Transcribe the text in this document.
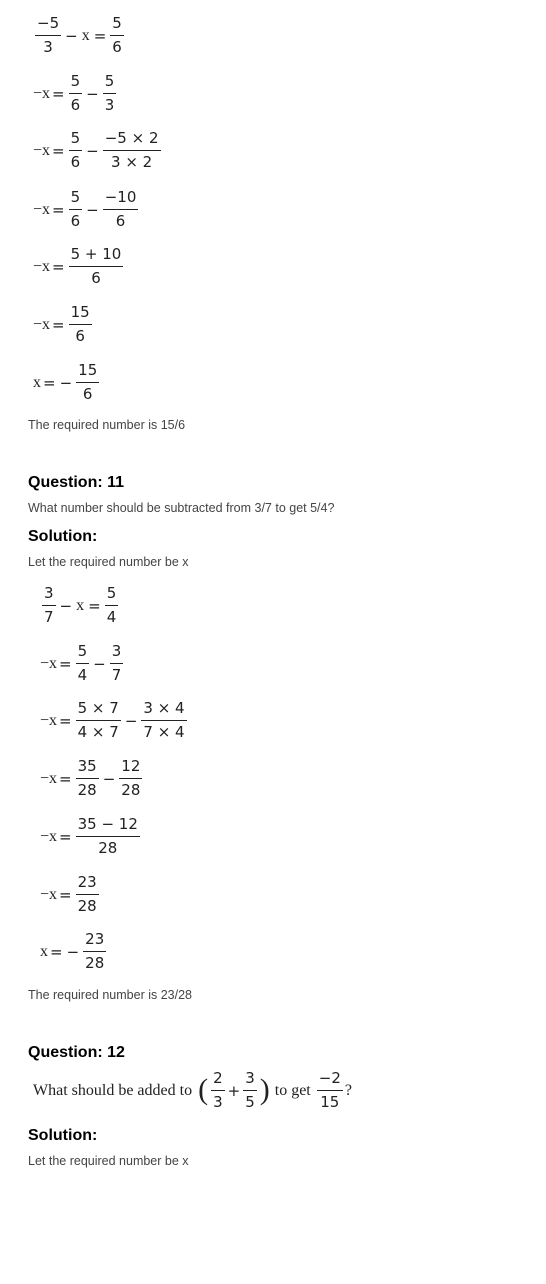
$\frac{-5}{3} - x = \frac{5}{6}$
$-x = \frac{5}{6} - \frac{5}{3}$
$-x = \frac{5}{6} - \frac{-5 \times 2}{3 \times 2}$
$-x = \frac{5}{6} - \frac{-10}{6}$
$-x = \frac{5 + 10}{6}$
$-x = \frac{15}{6}$
x = − $\frac{15}{6}$
The required number is 15/6
Question: 11
What number should be subtracted from 3/7 to get 5/4?
Solution:
Let the required number be x
$\frac{3}{7} - x = \frac{5}{4}$
$-x = \frac{5}{4} - \frac{3}{7}$
$-x = \frac{5 \times 7}{4 \times 7} - \frac{3 \times 4}{7 \times 4}$
$-x = \frac{35}{28} - \frac{12}{28}$
$-x = \frac{35 - 12}{28}$
$-x = \frac{23}{28}$
x = − $\frac{23}{28}$
The required number is 23/28
Question: 12
What should be added to ( $\frac{2}{3} + \frac{3}{5}$ ) to get $\frac{-2}{15}$ ?
Solution:
Let the required number be x
